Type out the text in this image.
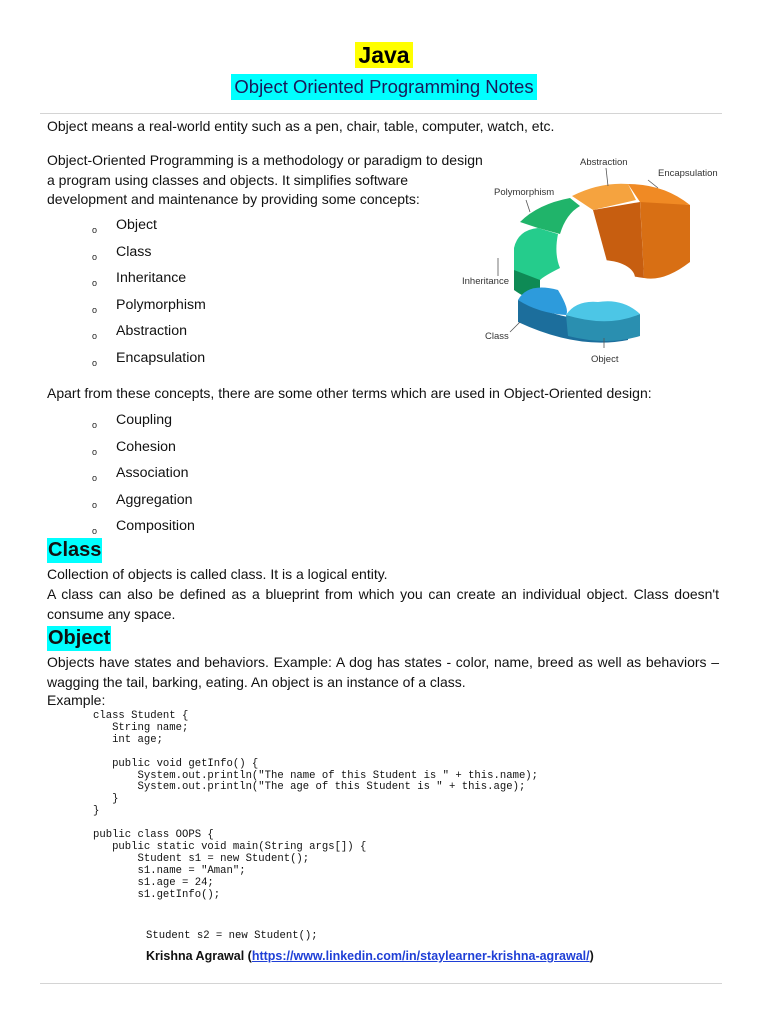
Java
Object Oriented Programming Notes
Object means a real-world entity such as a pen, chair, table, computer, watch, etc.
Object-Oriented Programming is a methodology or paradigm to design
a program using classes and objects. It simplifies software
development and maintenance by providing some concepts:
o Object
o Class
o Inheritance
o Polymorphism
o Abstraction
o Encapsulation
Abstraction
Encapsulation
Polymorphism
Inheritance
Class
Object
Apart from these concepts, there are some other terms which are used in Object-Oriented design:
o Coupling
o Cohesion
o Association
o Aggregation
o Composition
Class
Collection of objects is called class. It is a logical entity.
A class can also be defined as a blueprint from which you can create an individual object. Class doesn't consume any space.
Object
Objects have states and behaviors. Example: A dog has states - color, name, breed as well as behaviors – wagging the tail, barking, eating. An object is an instance of a class.
Example:
class Student {
String name;
int age;

public void getInfo() {
System.out.println("The name of this Student is " + this.name);
System.out.println("The age of this Student is " + this.age);
}
}

public class OOPS {
public static void main(String args[]) {
Student s1 = new Student();
s1.name = "Aman";
s1.age = 24;
s1.getInfo();
Student s2 = new Student();
Krishna Agrawal (https://www.linkedin.com/in/staylearner-krishna-agrawal/)
